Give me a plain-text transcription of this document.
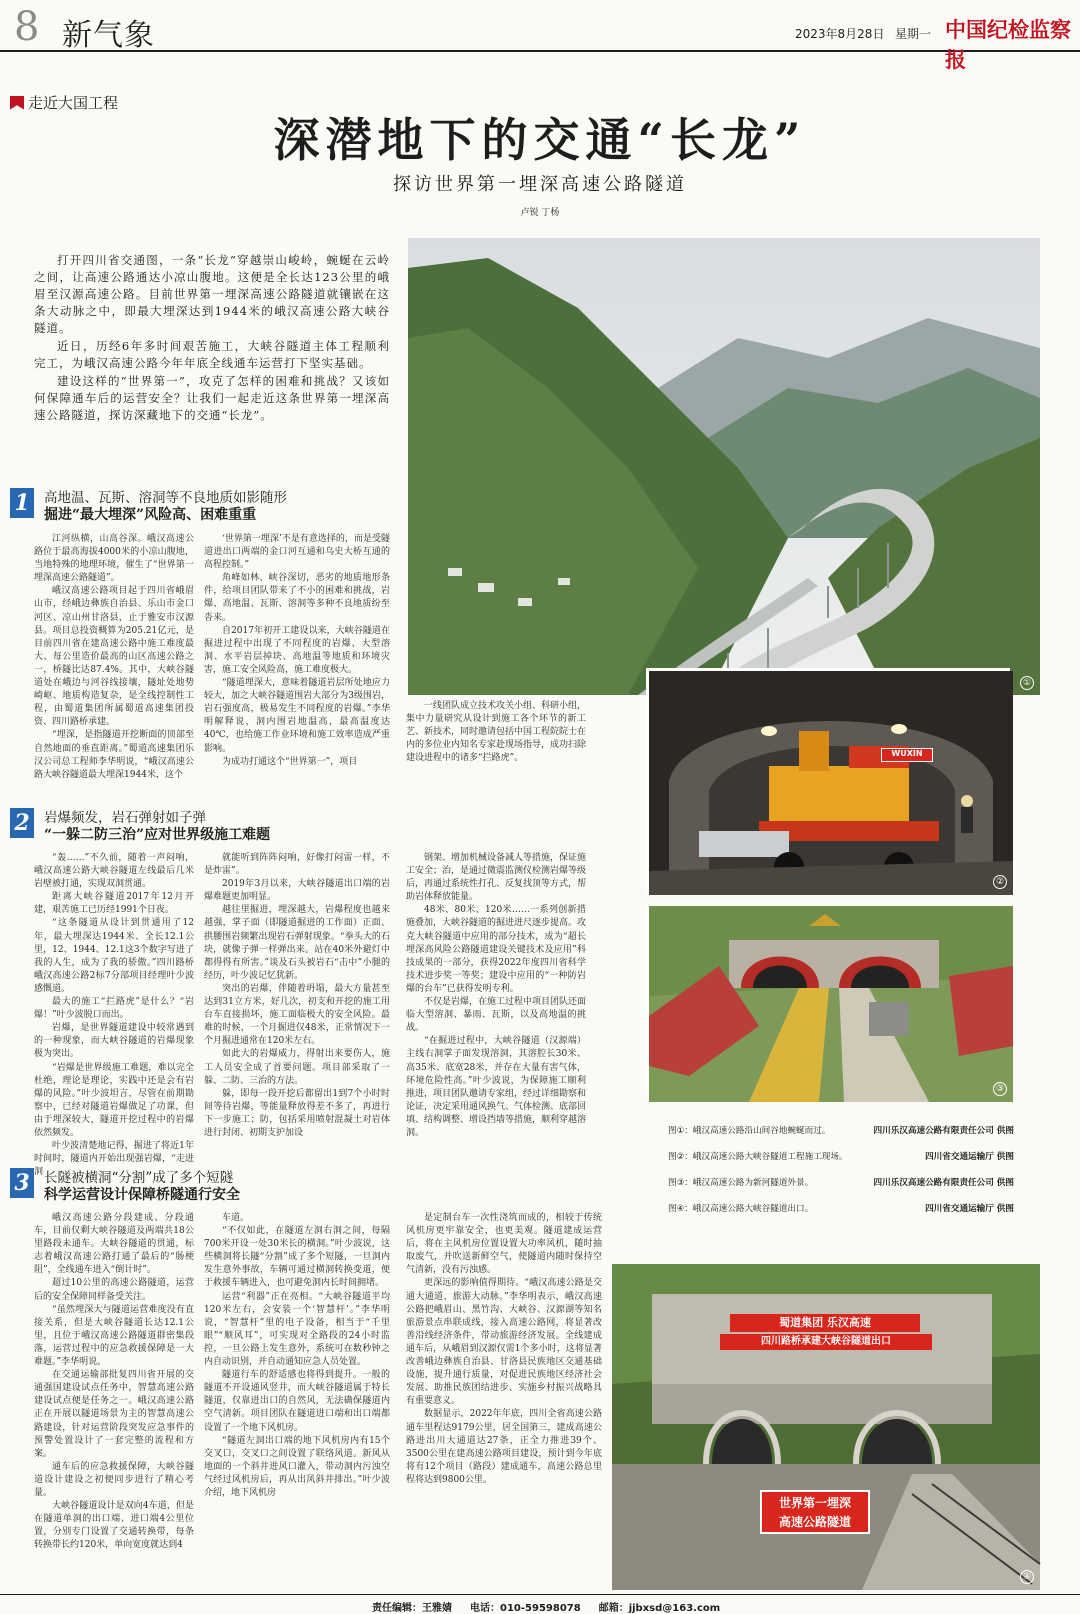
8 新气象	2023年8月28日 星期一 中国纪检监察报
走近大国工程
深潜地下的交通“长龙”
探访世界第一埋深高速公路隧道
卢锐 丁杨

打开四川省交通图，一条“长龙”穿越崇山峻岭，蜿蜒在云岭之间，让高速公路通达小凉山腹地。这便是全长达123公里的峨眉至汉源高速公路。目前世界第一埋深高速公路隧道就镶嵌在这条大动脉之中，即最大埋深达到1944米的峨汉高速公路大峡谷隧道。

近日，历经6年多时间艰苦施工，大峡谷隧道主体工程顺利完工，为峨汉高速公路今年年底全线通车运营打下坚实基础。

建设这样的“世界第一”，攻克了怎样的困难和挑战？又该如何保障通车后的运营安全？让我们一起走近这条世界第一埋深高速公路隧道，探访深藏地下的交通“长龙”。

1	高地温、瓦斯、溶洞等不良地质如影随形
掘进“最大埋深”风险高、困难重重

江河纵横，山高谷深。峨汉高速公路位于最高海拔4000米的小凉山腹地，当地特殊的地理环境，催生了“世界第一埋深高速公路隧道”。

峨汉高速公路项目起于四川省峨眉山市，经峨边彝族自治县、乐山市金口河区、凉山州甘洛县，止于雅安市汉源县。项目总投资概算为205.21亿元，是目前四川省在建高速公路中施工难度最大、每公里造价最高的山区高速公路之一，桥隧比达87.4%。其中，大峡谷隧道处在峨边与河谷线接壤，隧址处地势崎岖、地质构造复杂，是全线控制性工程，由蜀道集团所属蜀道高速集团投资、四川路桥承建。

“埋深，是指隧道开挖断面的顶部至自然地面的垂直距离。”蜀道高速集团乐汉公司总工程师李华明说，“峨汉高速公路大峡谷隧道最大埋深1944米，这个

‘世界第一埋深’不是有意选择的，而是受隧道进出口两端的金口河互通和乌史大桥互通的高程控制。”

角峰如林、峡谷深切，恶劣的地质地形条件，给项目团队带来了不小的困难和挑战，岩爆、高地温、瓦斯、溶洞等多种不良地质纷至沓来。

自2017年初开工建设以来，大峡谷隧道在掘进过程中出现了不同程度的岩爆、大型溶洞、水平岩层掉块、高地温等地质和环境灾害，施工安全风险高，施工难度极大。

“隧道埋深大，意味着隧道岩层所处地应力较大，加之大峡谷隧道围岩大部分为3级围岩，岩石强度高，极易发生不同程度的岩爆。”李华明解释说，洞内围岩地温高，最高温度达40℃，也给施工作业环境和施工效率造成严重影响。

为成功打通这个“世界第一”，项目

一线团队成立技术攻关小组、科研小组，集中力量研究从设计到施工各个环节的新工艺、新技术，同时邀请包括中国工程院院士在内的多位业内知名专家赴现场指导，成功扫除建设进程中的诸多“拦路虎”。

2	岩爆频发，岩石弹射如子弹
“一躲二防三治”应对世界级施工难题

“轰……”不久前，随着一声闷响，峨汉高速公路大峡谷隧道左线最后几米岩壁被打通，实现双洞贯通。

距离大峡谷隧道2017年12月开建，艰苦施工已历经1991个日夜。

“这条隧道从设计到贯通用了12年，最大埋深达1944米、全长12.1公里，12、1944、12.1这3个数字写进了我的人生，成为了我的骄傲。”四川路桥峨汉高速公路2标7分部项目经理叶少波感慨道。

最大的施工“拦路虎”是什么？“岩爆！”叶少波脱口而出。

岩爆，是世界隧道建设中较常遇到的一种现象，而大峡谷隧道的岩爆现象极为突出。

“岩爆是世界级施工难题，难以完全杜绝，理论是理论，实践中还是会有岩爆的风险。”叶少波坦言，尽管在前期勘察中，已经对隧道岩爆做足了功课，但由于埋深较大，隧道开挖过程中的岩爆依然频发。

叶少波清楚地记得，掘进了将近1年时间时，隧道内开始出现强岩爆，“走进洞

就能听到阵阵闷响，好像打闷雷一样，不是炸雷”。

2019年3月以来，大峡谷隧道出口端的岩爆难题更加明显。

越往里掘进，埋深越大，岩爆程度也越来越强，掌子面（即隧道掘进的工作面）正面、拱腰围岩频繁出现岩石弹射现象。“拳头大的石块，就像子弹一样弹出来。站在40米外避灯中都得得有所害。”谈及石头被岩石“击中”小腿的经历，叶少波记忆犹新。

突出的岩爆，伴随着坍塌，最大方量甚至达到31立方米，好几次，初支和开挖的施工用台车直接损坏，施工面临极大的安全风险。最难的时候，一个月掘进仅48米，正常情况下一个月掘进通常在120米左右。

如此大的岩爆威力，得射出来要伤人，施工人员安全成了首要问题。项目部采取了一躲、二防、三治的方法。

躲，即每一段开挖后都留出1到7个小时时间等待岩爆，等能量释放得差不多了，再进行下一步施工；防，包括采用喷射混凝土对岩体进行封闭、初期支护加设

钢架、增加机械设备减人等措施，保证施工安全；治，是通过微震监测仪检测岩爆等级后，再通过系统性打孔、反复找顶等方式，帮助岩体释放能量。

48米、80米、120米……一系列创新措施叠加，大峡谷隧道的掘进进尺逐步提高。攻克大峡谷隧道中应用的部分技术，成为“超长埋深高风险公路隧道建设关键技术及应用”科技成果的一部分，获得2022年度四川省科学技术进步奖一等奖；建设中应用的“一种防岩爆的台车”已获得发明专利。

不仅是岩爆，在施工过程中项目团队还面临大型溶洞、暴雨、瓦斯，以及高地温的挑战。

“在掘进过程中，大峡谷隧道（汉源端）主线右洞掌子面发现溶洞，其溶腔长30米、高35米、底宽28米，并存在大量有害气体，环境危险性高。”叶少波说，为保障施工顺利推进，项目团队邀请专家组，经过详细勘察和论证，决定采用通风换气、气体检测、底部回填、结构调整、增设挡墙等措施，顺利穿越溶洞。

3	长隧被横洞“分割”成了多个短隧
科学运营设计保障桥隧通行安全

峨汉高速公路分段建成、分段通车，目前仅剩大峡谷隧道及两端共18公里路段未通车。大峡谷隧道的贯通，标志着峨汉高速公路打通了最后的“肠梗阻”，全线通车进入“倒计时”。

超过10公里的高速公路隧道，运营后的安全保障同样备受关注。

“虽然埋深大与隧道运营难度没有直接关系，但是大峡谷隧道长达12.1公里，且位于峨汉高速公路隧道群密集段落，运营过程中的应急救援保障是一大难题。”李华明说。

在交通运输部批复四川省开展的交通强国建设试点任务中，智慧高速公路建设试点便是任务之一。峨汉高速公路正在开展以隧道场景为主的智慧高速公路建设，针对运营阶段突发应急事件的预警处置设计了一套完整的流程和方案。

通车后的应急救援保障，大峡谷隧道设计建设之初便同步进行了精心考量。

大峡谷隧道设计是双向4车道，但是在隧道单洞的出口端、进口端4公里位置，分别专门设置了交通转换带，每条转换带长约120米，单向宽度就达到4

车道。

“不仅如此，在隧道左洞右洞之间，每隔700米开设一处30米长的横洞。”叶少波说，这些横洞将长隧“分割”成了多个短隧，一旦洞内发生意外事故，车辆可通过横洞转换变道，便于救援车辆进入，也可避免洞内长时间拥堵。

运营“利器”正在亮相。“大峡谷隧道平均120米左右，会安装一个‘智慧杆’。”李华明说，“智慧杆”里的电子设备，相当于“千里眼”“顺风耳”，可实现对全路段的24小时监控，一旦公路上发生意外，系统可在数秒钟之内自动识别，并自动通知应急人员处置。

隧道行车的舒适感也将得到提升。一般的隧道不开设通风竖井，而大峡谷隧道属于特长隧道，仅靠进出口的自然风，无法确保隧道内空气清新。项目团队在隧道进口端和出口端都设置了一个地下风机房。

“隧道左洞出口端的地下风机房内有15个交叉口，交叉口之间设置了联络风道。新风从地面的一个斜井进风口灌入，带动洞内污浊空气经过风机房后，再从出风斜井排出。”叶少波介绍，地下风机房

是定制台车一次性浇筑而成的，相较于传统风机房更牢靠安全，也更美观。隧道建成运营后，将在主风机房位置设置大功率风机，随时抽取废气，并吹送新鲜空气，使隧道内随时保持空气清新，没有污浊感。

更深远的影响值得期待。“峨汉高速公路是交通大通道、旅游大动脉。”李华明表示，峨汉高速公路把峨眉山、黑竹沟、大峡谷、汉源湖等知名旅游景点串联成线，接入高速公路网，将显著改善沿线经济条件，带动旅游经济发展。全线建成通车后，从峨眉到汉源仅需1个多小时，这将显著改善峨边彝族自治县、甘洛县民族地区交通基础设施，提升通行质量，对促进民族地区经济社会发展、助推民族团结进步、实施乡村振兴战略具有重要意义。

数据显示，2022年年底，四川全省高速公路通车里程达9179公里，居全国第三，建成高速公路进出川大通道达27条，正全力推进39个、3500公里在建高速公路项目建设，预计到今年底将有12个项目（路段）建成通车，高速公路总里程将达到9800公里。

①
WUXIN
②
③
图①：峨汉高速公路沿山间谷地蜿蜒而过。	四川乐汉高速公路有限责任公司 供图
图②：峨汉高速公路大峡谷隧道工程施工现场。	四川省交通运输厅 供图
图③：峨汉高速公路为新河隧道外景。	四川乐汉高速公路有限责任公司 供图
图④：峨汉高速公路大峡谷隧道出口。	四川省交通运输厅 供图
蜀道集团 乐汉高速
四川路桥承建大峡谷隧道出口
世界第一埋深
高速公路隧道
④
责任编辑：王雅婧 电话：010-59598078 邮箱：jjbxsd@163.com
